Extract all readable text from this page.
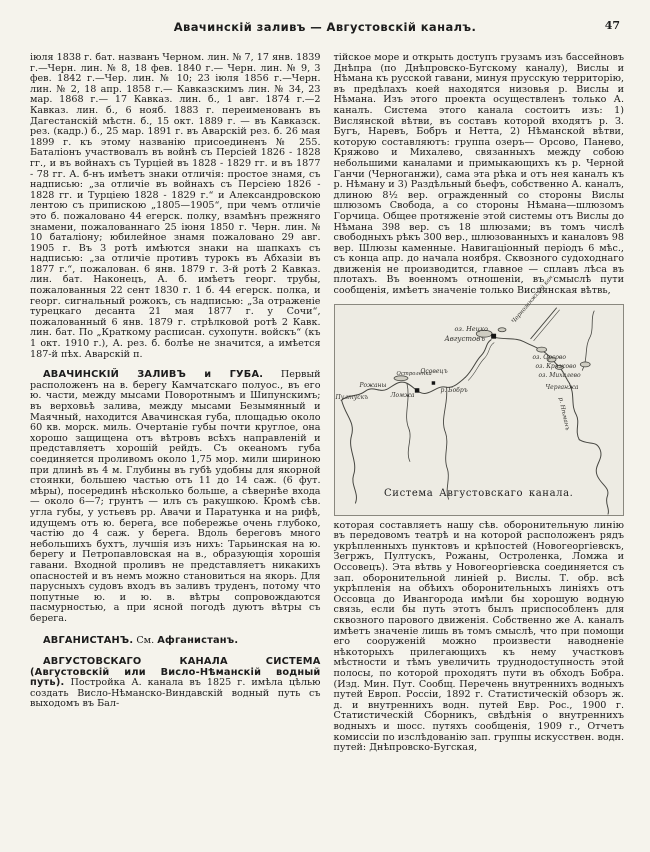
Авачинскій заливъ — Августовскій каналъ.	47

іюля 1838 г. бат. названъ Черном. лин. № 7, 17 янв. 1839 г.—Черн. лин. № 8, 18 фев. 1840 г.— Черн. лин. № 9, 3 фев. 1842 г.—Чер. лин. № 10; 23 іюля 1856 г.—Черн. лин. № 2, 18 апр. 1858 г.— Кавказскимъ лин. № 34, 23 мар. 1868 г.— 17 Кавказ. лин. б., 1 авг. 1874 г.—2 Кавказ. лин. б., 6 нояб. 1883 г. переименованъ въ Дагестанскій мѣстн. б., 15 окт. 1889 г. — въ Кавказск. рез. (кадр.) б., 25 мар. 1891 г. въ Аварскій рез. б. 26 мая 1899 г. къ этому названію присоединенъ № 255. Баталіонъ участвовалъ въ войнѣ съ Персіей 1826 - 1828 гг., и въ войнахъ съ Турціей въ 1828 - 1829 гг. и въ 1877 - 78 гг. А. б-нъ имѣетъ знаки отличія: простое знамя, съ надписью: „за отличіе въ войнахъ съ Персіею 1826 - 1828 гг. и Турціею 1828 - 1829 г.“ и Александровскою лентою съ припискою „1805—1905“, при чемъ отличіе это б. пожаловано 44 егерск. полку, взамѣнъ прежняго знамени, пожалованнаго 25 іюня 1850 г. Черн. лин. № 10 баталіону; юбилейное знамя пожаловано 29 авг. 1905 г. Въ 3 ротѣ имѣются знаки на шапкахъ съ надписью: „за отличіе противъ турокъ въ Абхазіи въ 1877 г.“, пожалован. 6 янв. 1879 г. 3-й ротѣ 2 Кавказ. лин. бат. Наконецъ, А. б. имѣетъ георг. трубы, пожалованныя 22 сент 1830 г. 1 б. 44 егерск. полка, и георг. сигнальный рожокъ, съ надписью: „За отраженіе турецкаго десанта 21 мая 1877 г. у Сочи“, пожалованный 6 янв. 1879 г. стрѣлковой ротѣ 2 Кавк. лин. бат. По „Краткому расписан. сухопутн. войскъ“ (къ 1 окт. 1910 г.), А. рез. б. болѣе не значится, а имѣется 187-й пѣх. Аварскій п.

АВАЧИНСКІЙ ЗАЛИВЪ и ГУБА. Первый расположенъ на в. берегу Камчатскаго полуос., въ его ю. части, между мысами Поворотнымъ и Шипунскимъ; въ верховьѣ залива, между мысами Безымянный и Маячный, находится Авачинская губа, площадью около 60 кв. морск. миль. Очертаніе губы почти круглое, она хорошо защищена отъ вѣтровъ всѣхъ направленій и представляетъ хорошій рейдъ. Съ океаномъ губа соединяется проливомъ около 1,75 мор. мили шириною при длинѣ въ 4 м. Глубины въ губѣ удобны для якорной стоянки, большею частью отъ 11 до 14 саж. (6 фут. мѣры), посерединѣ нѣсколько больше, а сѣвернѣе входа— около 6—7; грунтъ — илъ съ ракушкою. Кромѣ сѣв. угла губы, у устьевъ рр. Авачи и Паратунка и на рифѣ, идущемъ отъ ю. берега, все побережье очень глубоко, частію до 4 саж. у берега. Вдоль береговъ много небольшихъ бухтъ, лучшія изъ нихъ: Тарьинская на ю. берегу и Петропавловская на в., образующія хорошія гавани. Входной проливъ не представляетъ никакихъ опасностей и въ немъ можно становиться на якорь. Для парусныхъ судовъ входъ въ заливъ труденъ, потому что попутные ю. и ю. в. вѣтры сопровождаются пасмурностью, а при ясной погодѣ дуютъ вѣтры съ берега.

АВГАНИСТАНЪ. См. Афганистанъ.

АВГУСТОВСКАГО КАНАЛА СИСТЕМА (Августовскій или Висло-Нѣманскій водный путь). Постройка А. канала въ 1825 г. имѣла цѣлью создать Висло-Нѣманско-Виндавскій водный путь съ выходомъ въ Бал-

тійское море и открыть доступъ грузамъ изъ бассейновъ Днѣпра (по Днѣпровско-Бугскому каналу), Вислы и Нѣмана къ русской гавани, минуя прусскую территорію, въ предѣлахъ коей находятся низовья р. Вислы и Нѣмана. Изъ этого проекта осуществленъ только А. каналъ. Система этого канала состоитъ изъ: 1) Вислянской вѣтви, въ составъ которой входятъ р. З. Бугъ, Наревъ, Бобръ и Нетта, 2) Нѣманской вѣтви, которую составляютъ: группа озеръ— Орсово, Панево, Кряжово и Михалево, связанныхъ между собою небольшими каналами и примыкающихъ къ р. Черной Ганчи (Черноганжи), сама эта рѣка и отъ нея каналъ къ р. Нѣману и 3) Раздѣльный бьефъ, собственно А. каналъ, длиною 8½ вер. огражденный со стороны Вислы шлюзомъ Свобода, а со стороны Нѣмана—шлюзомъ Горчица. Общее протяженіе этой системы отъ Вислы до Нѣмана 398 вер. съ 18 шлюзами; въ томъ числѣ свободныхъ рѣкъ 300 вер., шлюзованныхъ и каналовъ 98 вер. Шлюзы каменные. Навигаціонный періодъ 6 мѣс., съ конца апр. до начала ноября. Сквозного судоходнаго движенія не производится, главное — сплавъ лѣса въ плотахъ. Въ военномъ отношеніи, въ смыслѣ пути сообщенія, имѣетъ значеніе только Вислянская вѣтвь,

оз. Нецко
Августовъ
Черноганжскій кан.
оз. Орсово
оз. Кряжово
оз. Михалево
Черганжа
Осовецъ
р. Бобръ
Остроленка
Ломжа
Рожаны
Пултускъ	р. Нѣманъ
Система Августовскаго канала.

которая составляетъ нашу сѣв. оборонительную линію въ передовомъ театрѣ и на которой расположенъ рядъ укрѣпленныхъ пунктовъ и крѣпостей (Новогеоргіевскъ, Зегржъ, Пултускъ, Рожаны, Остроленка, Ломжа и Оссовецъ). Эта вѣтвь у Новогеоргіевска соединяется съ зап. оборонительной линіей р. Вислы. Т. обр. всѣ укрѣпленія на обѣихъ оборонительныхъ линіяхъ отъ Оссовца до Ивангорода имѣли бы хорошую водную связь, если бы путь этотъ былъ приспособленъ для сквозного парового движенія. Собственно же А. каналъ имѣетъ значеніе лишь въ томъ смыслѣ, что при помощи его сооруженій можно произвести наводненіе нѣкоторыхъ прилегающихъ къ нему участковъ мѣстности и тѣмъ увеличить труднодоступность этой полосы, по которой проходятъ пути въ обходъ Бобра. (Изд. Мин. Пут. Сообщ. Перечень внутреннихъ водныхъ путей Европ. Россіи, 1892 г. Статистическій обзоръ ж. д. и внутреннихъ водн. путей Евр. Рос., 1900 г. Статистическій Сборникъ, свѣдѣнія о внутреннихъ водныхъ и шосс. путяхъ сообщенія, 1909 г., Отчетъ комиссіи по изслѣдованію зап. группы искусствен. водн. путей: Днѣпровско-Бугская,
